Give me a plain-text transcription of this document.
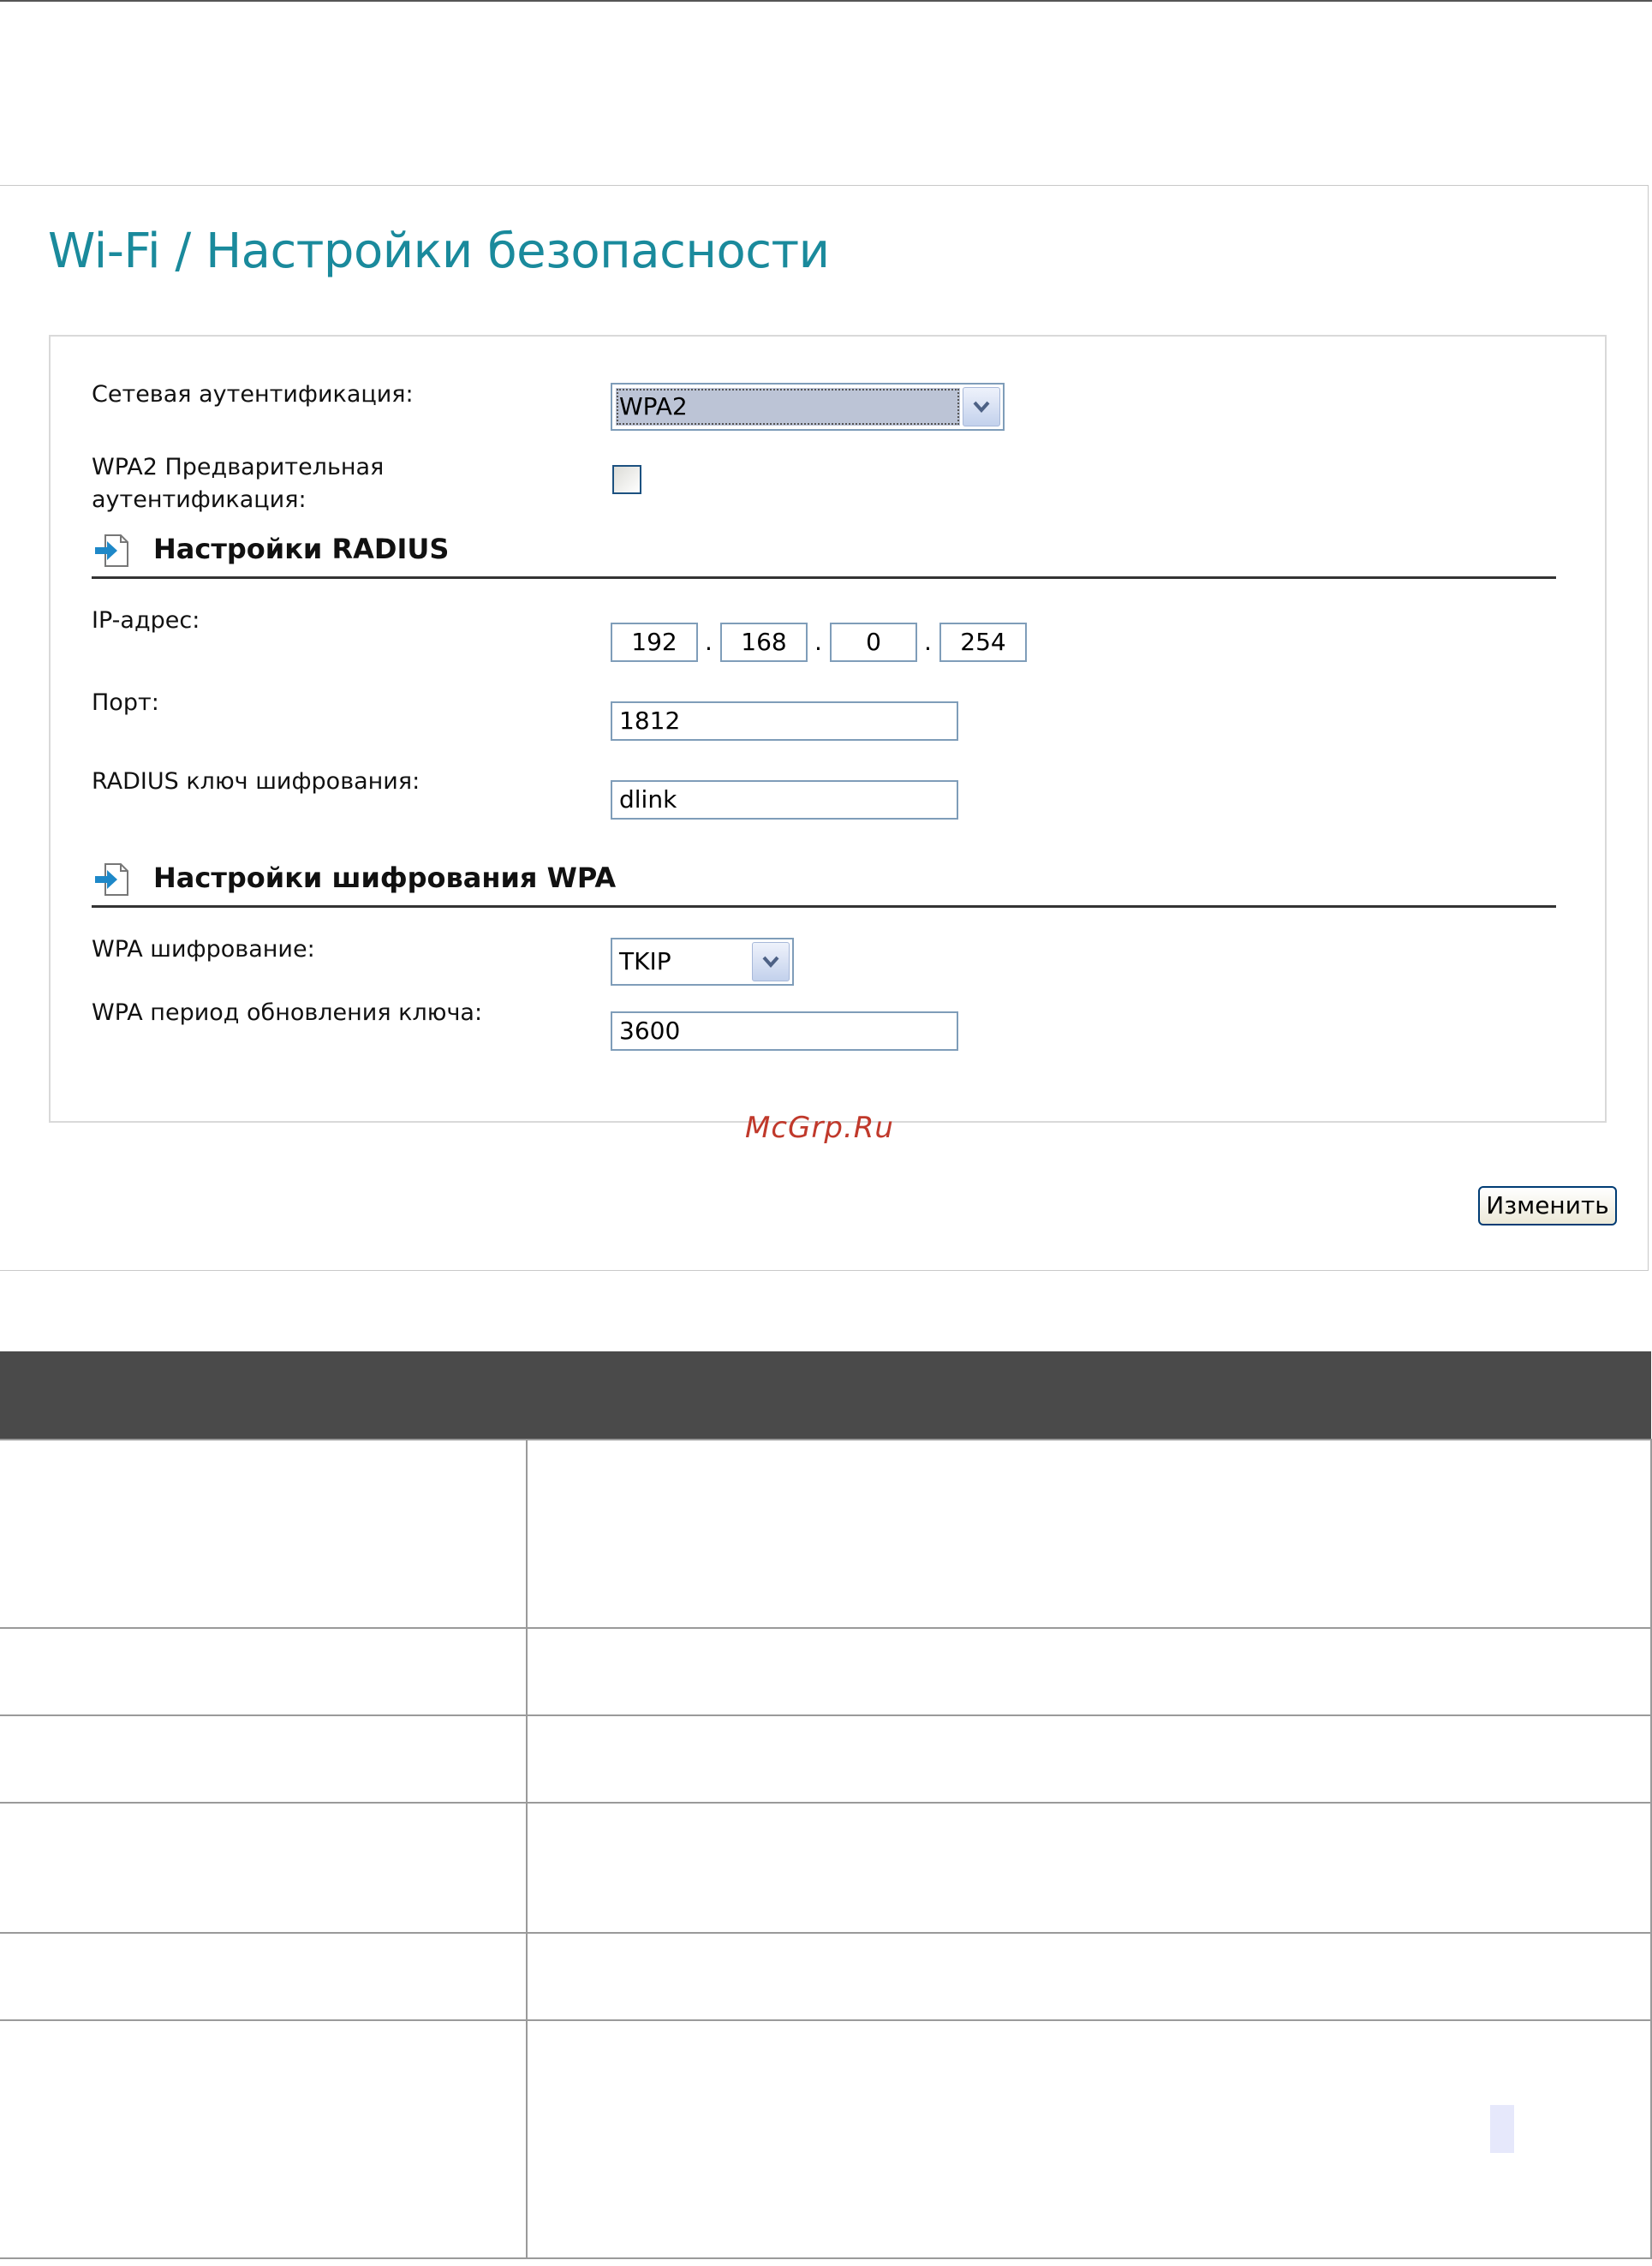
Wi-Fi / Настройки безопасности
Сетевая аутентификация:	WPA2
WPA2 Предварительная
аутентификация:
Настройки RADIUS
IP-адрес:
192	.	168	.	0	.	254
Порт:
1812
RADIUS ключ шифрования:
dlink
Настройки шифрования WPA
WPA шифрование:	TKIP
WPA период обновления ключа:
3600
McGrp.Ru
Изменить
